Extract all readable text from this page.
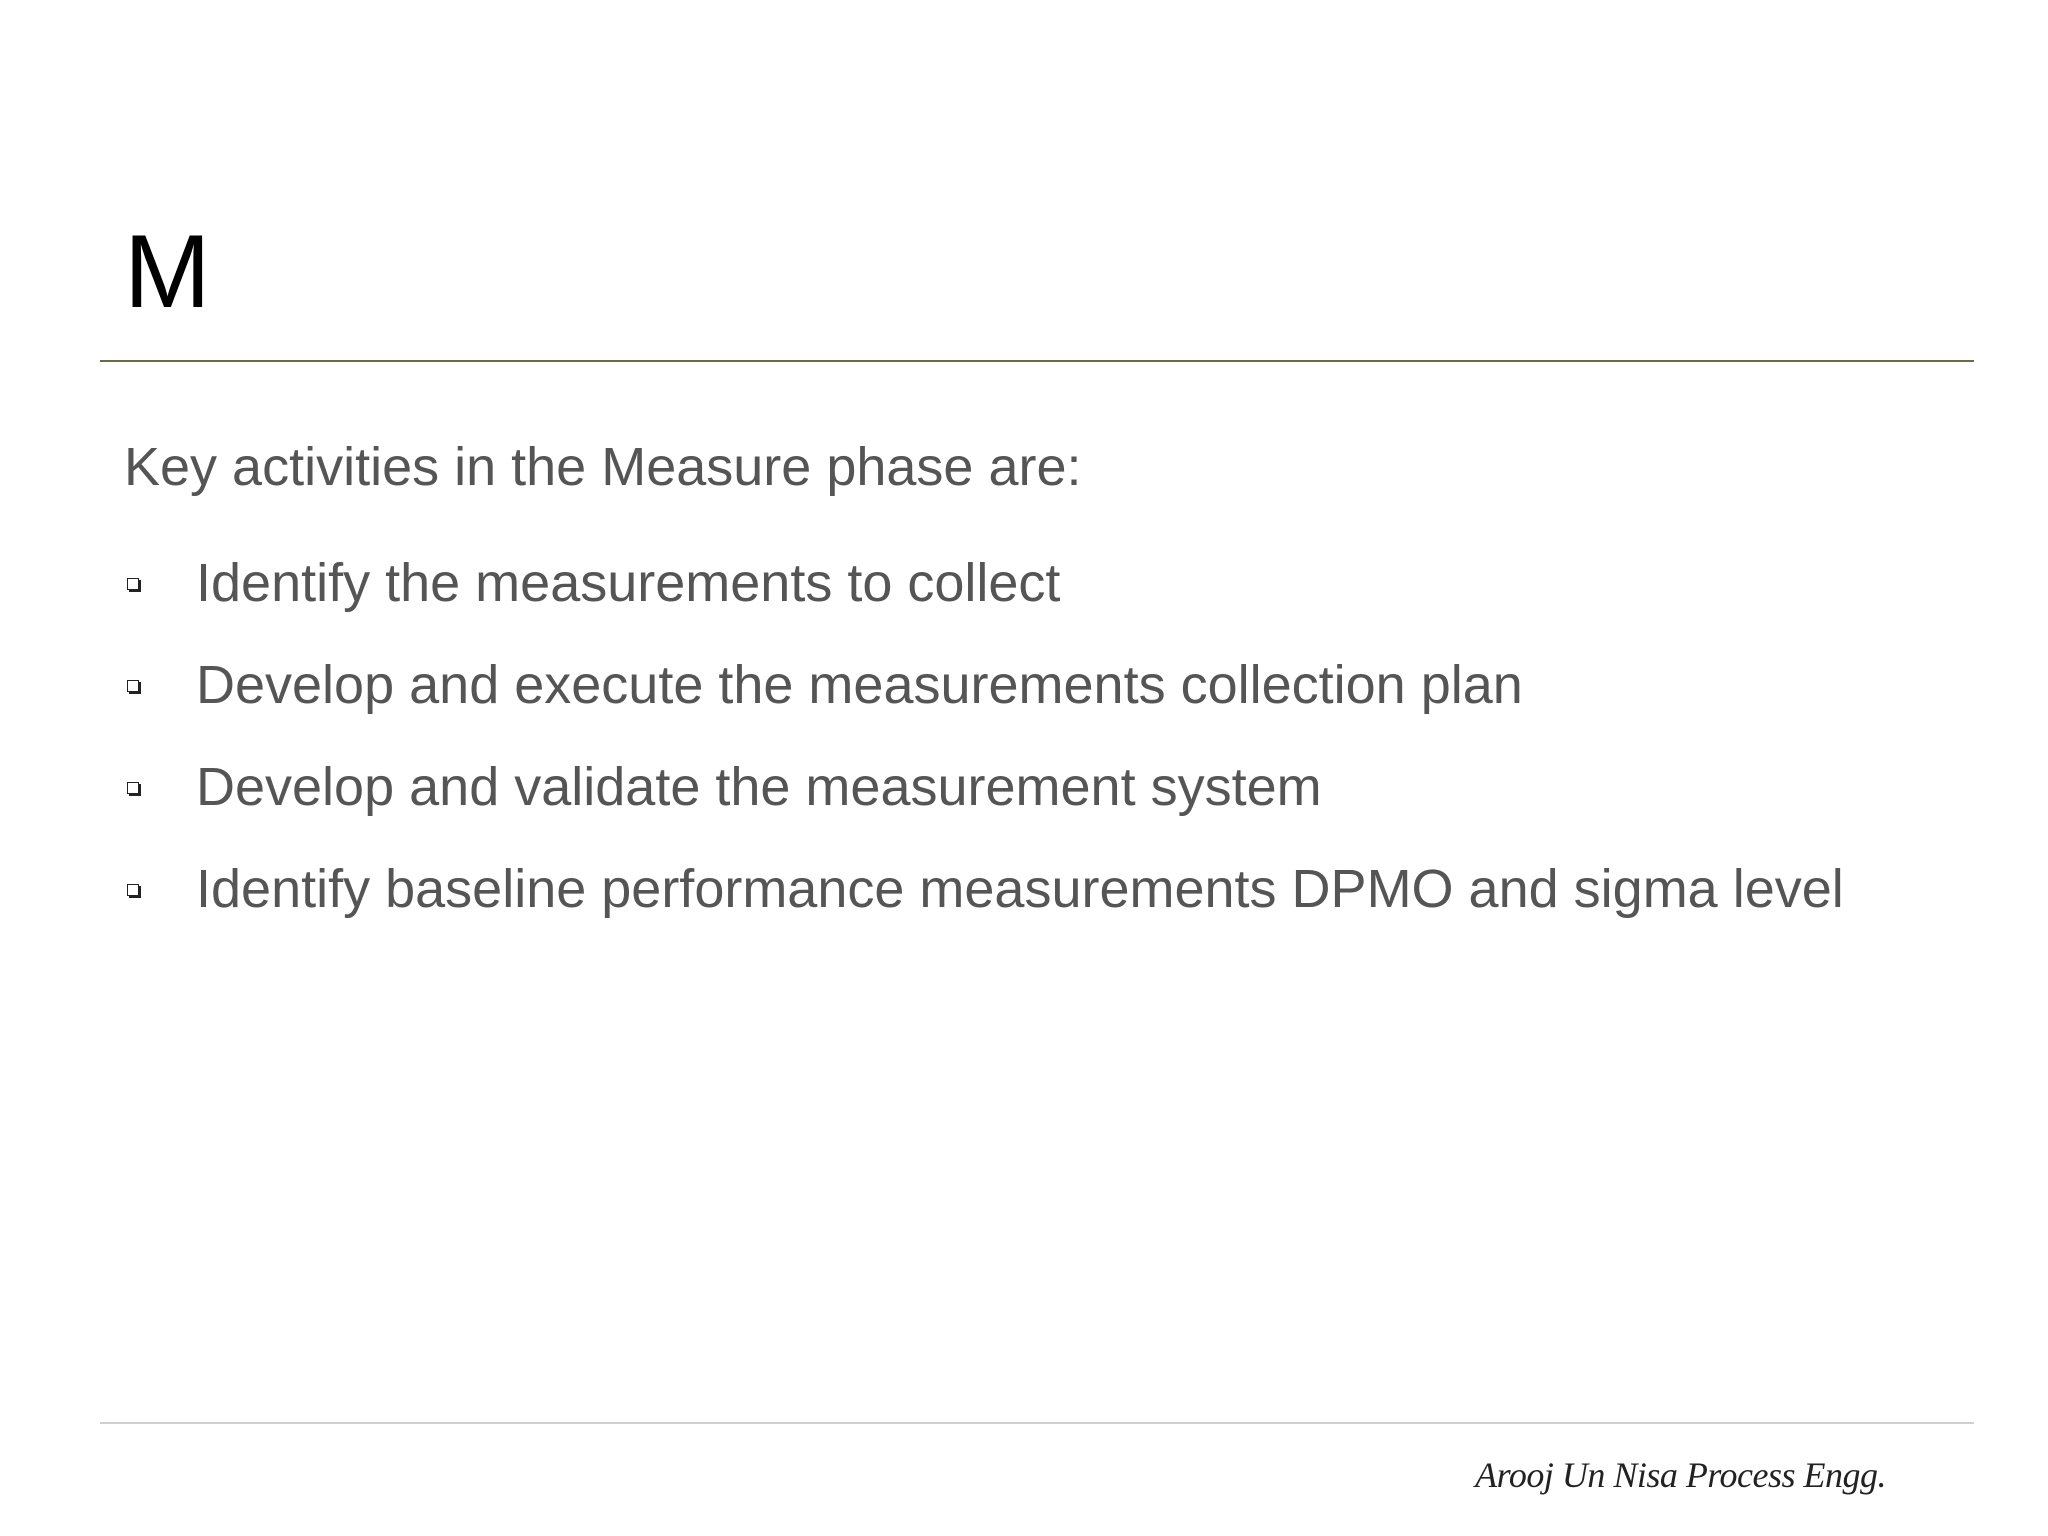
M

Key activities in the Measure phase are:

Identify the measurements to collect
Develop and execute the measurements collection plan
Develop and validate the measurement system
Identify baseline performance measurements DPMO and sigma level
Arooj Un Nisa Process Engg.
